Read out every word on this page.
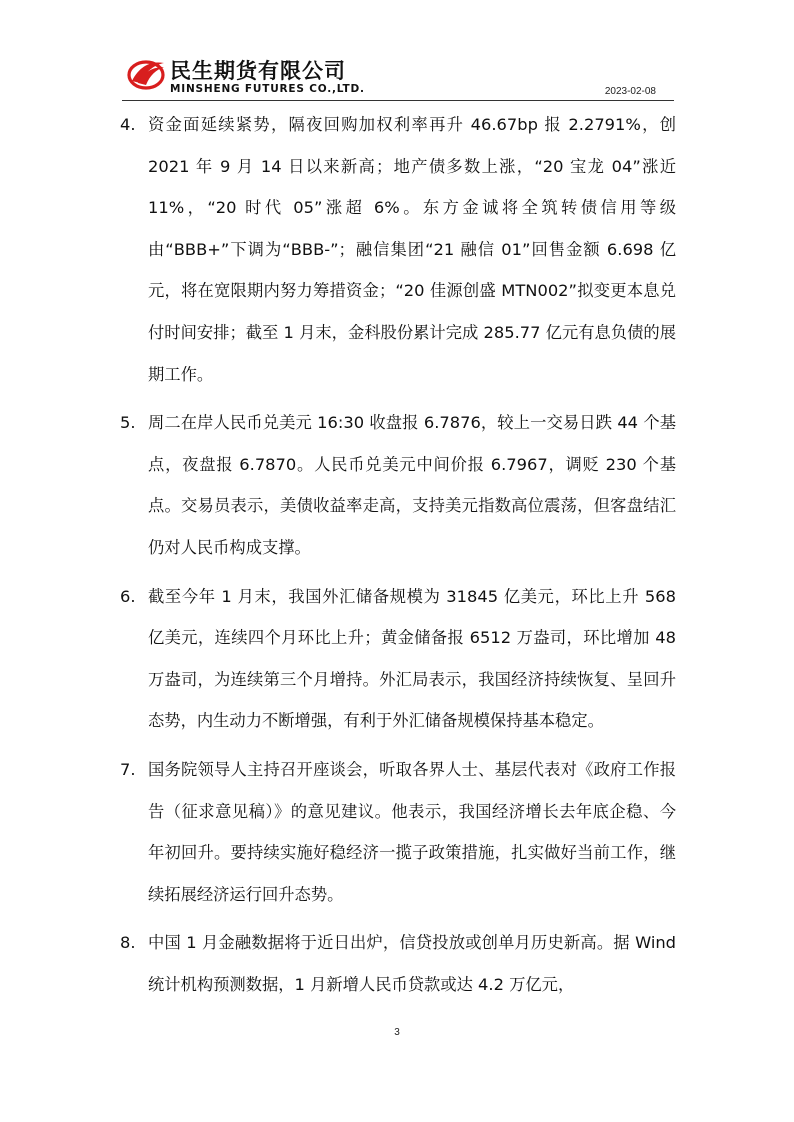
民生期货有限公司
MINSHENG FUTURES CO.,LTD.	2023-02-08
4. 资金面延续紧势，隔夜回购加权利率再升 46.67bp 报 2.2791%，创 2021 年 9 月 14 日以来新高；地产债多数上涨，“20 宝龙 04”涨近 11%，“20 时代 05”涨超 6%。东方金诚将全筑转债信用等级由“BBB+”下调为“BBB-”；融信集团“21 融信 01”回售金额 6.698 亿元，将在宽限期内努力筹措资金；“20 佳源创盛 MTN002”拟变更本息兑付时间安排；截至 1 月末，金科股份累计完成 285.77 亿元有息负债的展期工作。
5. 周二在岸人民币兑美元 16:30 收盘报 6.7876，较上一交易日跌 44 个基点，夜盘报 6.7870。人民币兑美元中间价报 6.7967，调贬 230 个基点。交易员表示，美债收益率走高，支持美元指数高位震荡，但客盘结汇仍对人民币构成支撑。
6. 截至今年 1 月末，我国外汇储备规模为 31845 亿美元，环比上升 568 亿美元，连续四个月环比上升；黄金储备报 6512 万盎司，环比增加 48 万盎司，为连续第三个月增持。外汇局表示，我国经济持续恢复、呈回升态势，内生动力不断增强，有利于外汇储备规模保持基本稳定。
7. 国务院领导人主持召开座谈会，听取各界人士、基层代表对《政府工作报告（征求意见稿）》的意见建议。他表示，我国经济增长去年底企稳、今年初回升。要持续实施好稳经济一揽子政策措施，扎实做好当前工作，继续拓展经济运行回升态势。
8. 中国 1 月金融数据将于近日出炉，信贷投放或创单月历史新高。据 Wind 统计机构预测数据，1 月新增人民币贷款或达 4.2 万亿元，
3
